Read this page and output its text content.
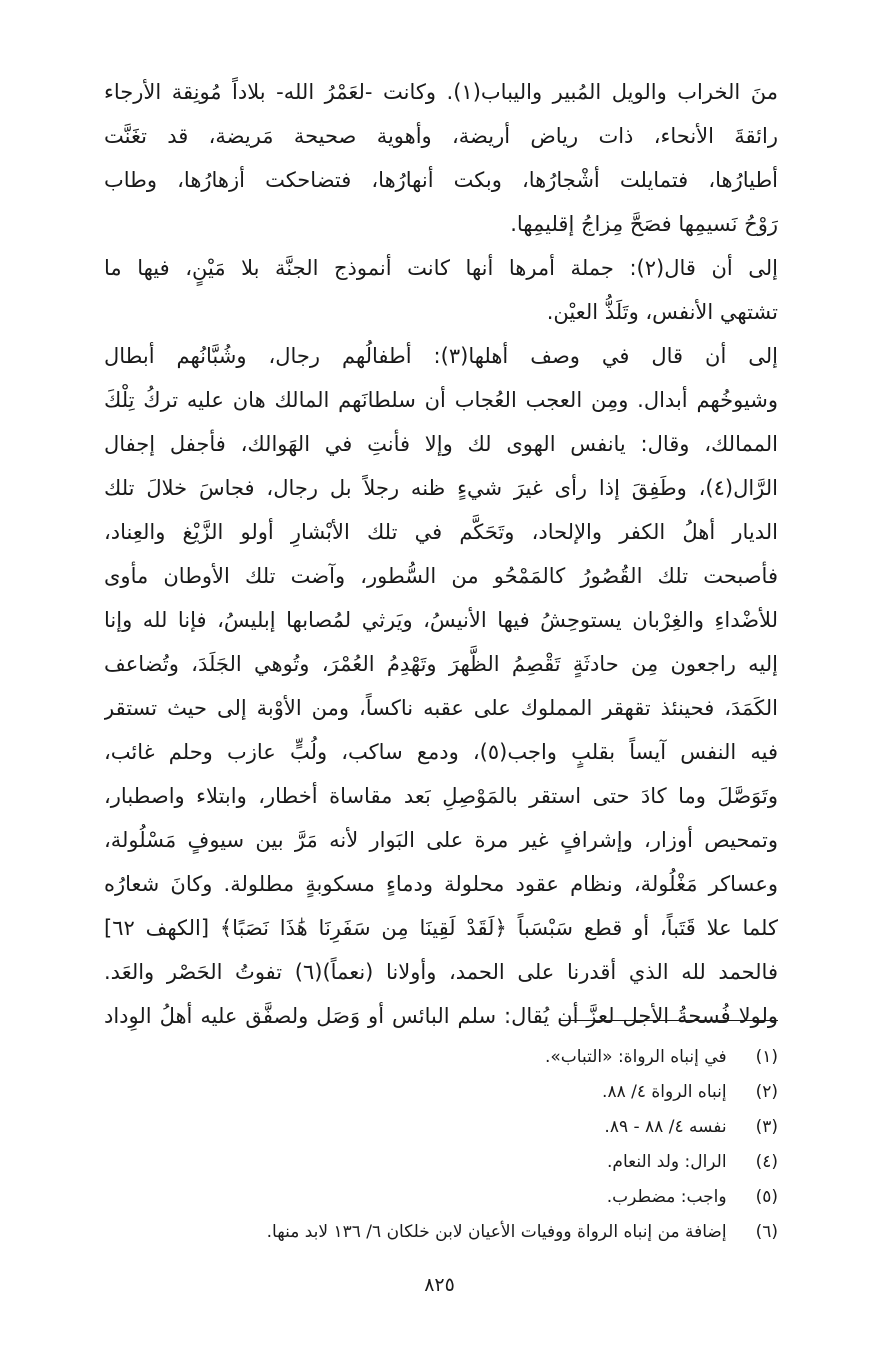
منَ الخراب والويل المُبير واليباب(١). وكانت -لعَمْرُ الله- بلاداً مُونِقة الأرجاء
رائقةَ الأنحاء، ذات رياض أريضة، وأهوية صحيحة مَريضة، قد تغَنَّت
أطيارُها، فتمايلت أشْجارُها، وبكت أنهارُها، فتضاحكت أزهارُها، وطاب
رَوْحُ نَسيمِها فصَحَّ مِزاجُ إقليمِها.
إلى أن قال(٢): جملة أمرها أنها كانت أنموذج الجنَّة بلا مَيْنٍ، فيها ما
تشتهي الأنفس، وتَلَذُّ العيْن.
إلى أن قال في وصف أهلها(٣): أطفالُهم رجال، وشُبَّانُهم أبطال
وشيوخُهم أبدال. ومِن العجب العُجاب أن سلطانَهم المالك هان عليه تركُ تِلْكَ
الممالك، وقال: يانفس الهوى لك وإلا فأنتِ في الهَوالك، فأجفل إجفال
الرَّال(٤)، وطَفِقَ إذا رأى غيرَ شيءٍ ظنه رجلاً بل رجال، فجاسَ خلالَ تلك
الديار أهلُ الكفر والإلحاد، وتَحَكَّم في تلك الأبْشارِ أولو الزَّيْغ والعِناد،
فأصبحت تلك القُصُورُ كالمَمْحُو من السُّطور، وآضت تلك الأوطان مأوى
للأضْداءِ والغِرْبان يستوحِشُ فيها الأنيسُ، ويَرثي لمُصابها إبليسُ، فإنا لله وإنا
إليه راجعون مِن حادثَةٍ تَقْصِمُ الظَّهرَ وتَهْدِمُ العُمْرَ، وتُوهي الجَلَدَ، وتُضاعف
الكَمَدَ، فحينئذ تقهقر المملوك على عقبه ناكساً، ومن الأوْبة إلى حيث تستقر
فيه النفس آيساً بقلبٍ واجب(٥)، ودمع ساكب، ولُبٍّ عازب وحلم غائب،
وتَوَصَّلَ وما كادَ حتى استقر بالمَوْصِلِ بَعد مقاساة أخطار، وابتلاء واصطبار،
وتمحيص أوزار، وإشرافٍ غير مرة على البَوار لأنه مَرَّ بين سيوفٍ مَسْلُولة،
وعساكر مَغْلُولة، ونظام عقود محلولة ودماءٍ مسكوبةٍ مطلولة. وكانَ شعارُه
كلما علا قَتَباً، أو قطع سَبْسَباً ﴿لَقَدْ لَقِينَا مِن سَفَرِنَا هَٰذَا نَصَبًا﴾ [الكهف ٦٢]
فالحمد لله الذي أقدرنا على الحمد، وأولانا (نعماً)(٦) تفوتُ الحَصْر والعَد.
ولولا فُسحةُ الأجل لعزَّ أن يُقال: سلم البائس أو وَصَل ولصفَّق عليه أهلُ الوِداد
(١) في إنباه الرواة: «التباب».
(٢) إنباه الرواة ٤/ ٨٨.
(٣) نفسه ٤/ ٨٨ - ٨٩.
(٤) الرال: ولد النعام.
(٥) واجب: مضطرب.
(٦) إضافة من إنباه الرواة ووفيات الأعيان لابن خلكان ٦/ ١٣٦ لابد منها.
٨٢٥
